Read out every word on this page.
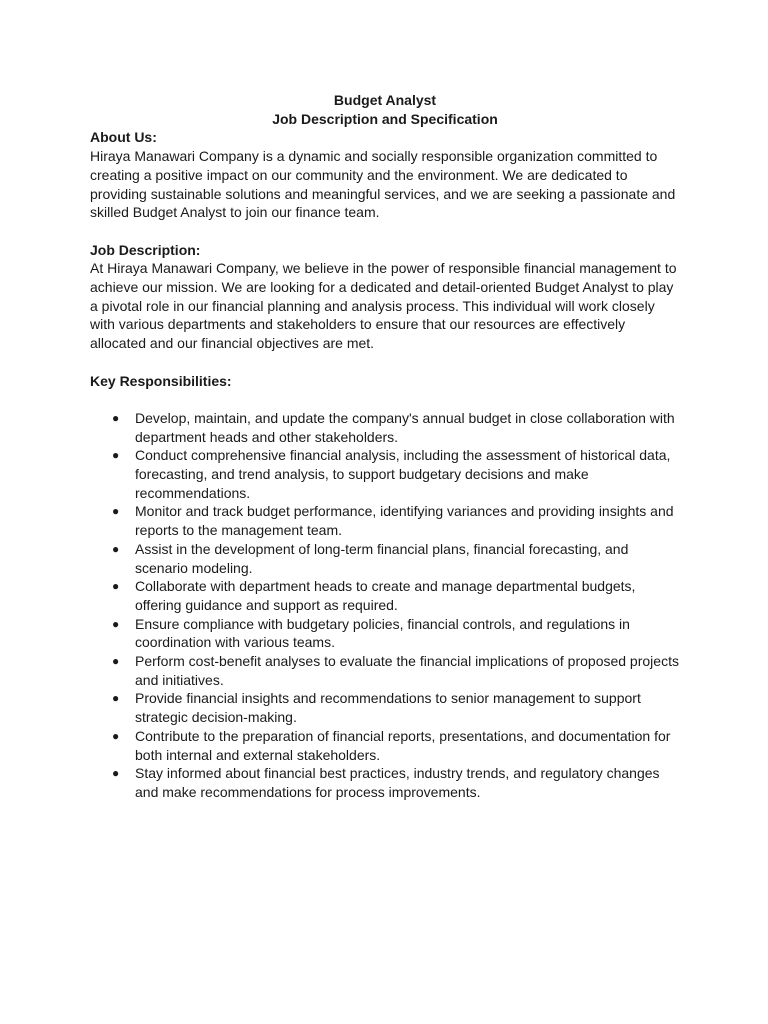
Budget Analyst

Job Description and Specification

About Us:

Hiraya Manawari Company is a dynamic and socially responsible organization committed to creating a positive impact on our community and the environment. We are dedicated to providing sustainable solutions and meaningful services, and we are seeking a passionate and skilled Budget Analyst to join our finance team.

Job Description:

At Hiraya Manawari Company, we believe in the power of responsible financial management to achieve our mission. We are looking for a dedicated and detail-oriented Budget Analyst to play a pivotal role in our financial planning and analysis process. This individual will work closely with various departments and stakeholders to ensure that our resources are effectively allocated and our financial objectives are met.

Key Responsibilities:

● Develop, maintain, and update the company's annual budget in close collaboration with department heads and other stakeholders.
● Conduct comprehensive financial analysis, including the assessment of historical data, forecasting, and trend analysis, to support budgetary decisions and make recommendations.
● Monitor and track budget performance, identifying variances and providing insights and reports to the management team.
● Assist in the development of long-term financial plans, financial forecasting, and scenario modeling.
● Collaborate with department heads to create and manage departmental budgets, offering guidance and support as required.
● Ensure compliance with budgetary policies, financial controls, and regulations in coordination with various teams.
● Perform cost-benefit analyses to evaluate the financial implications of proposed projects and initiatives.
● Provide financial insights and recommendations to senior management to support strategic decision-making.
● Contribute to the preparation of financial reports, presentations, and documentation for both internal and external stakeholders.
● Stay informed about financial best practices, industry trends, and regulatory changes and make recommendations for process improvements.
